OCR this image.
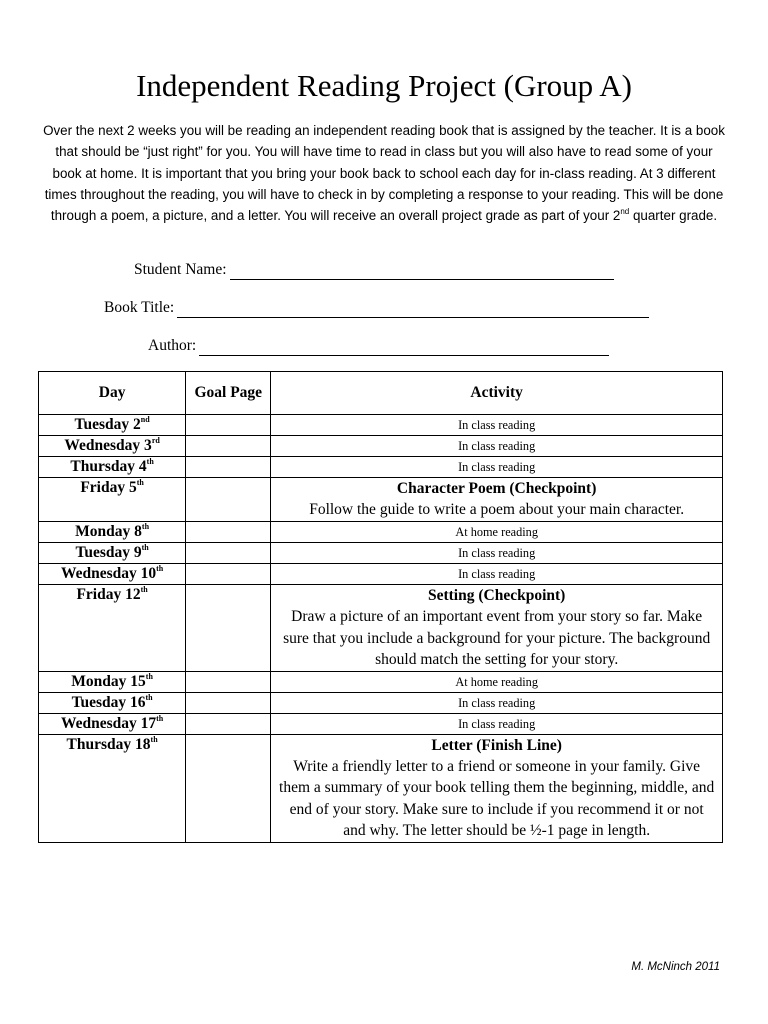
Independent Reading Project (Group A)
Over the next 2 weeks you will be reading an independent reading book that is assigned by the teacher. It is a book that should be “just right” for you. You will have time to read in class but you will also have to read some of your book at home. It is important that you bring your book back to school each day for in-class reading. At 3 different times throughout the reading, you will have to check in by completing a response to your reading. This will be done through a poem, a picture, and a letter. You will receive an overall project grade as part of your 2nd quarter grade.
Student Name:
Book Title:
Author:
Day	Goal Page	Activity
Tuesday 2nd		In class reading

Wednesday 3rd		In class reading

Thursday 4th		In class reading

Friday 5th		Character Poem (Checkpoint)
Follow the guide to write a poem about your main character.

Monday 8th		At home reading

Tuesday 9th		In class reading

Wednesday 10th		In class reading

Friday 12th		Setting (Checkpoint)
Draw a picture of an important event from your story so far. Make sure that you include a background for your picture. The background should match the setting for your story.

Monday 15th		At home reading

Tuesday 16th		In class reading

Wednesday 17th		In class reading

Thursday 18th		Letter (Finish Line)
Write a friendly letter to a friend or someone in your family. Give them a summary of your book telling them the beginning, middle, and end of your story. Make sure to include if you recommend it or not and why. The letter should be ½-1 page in length.
M. McNinch 2011
